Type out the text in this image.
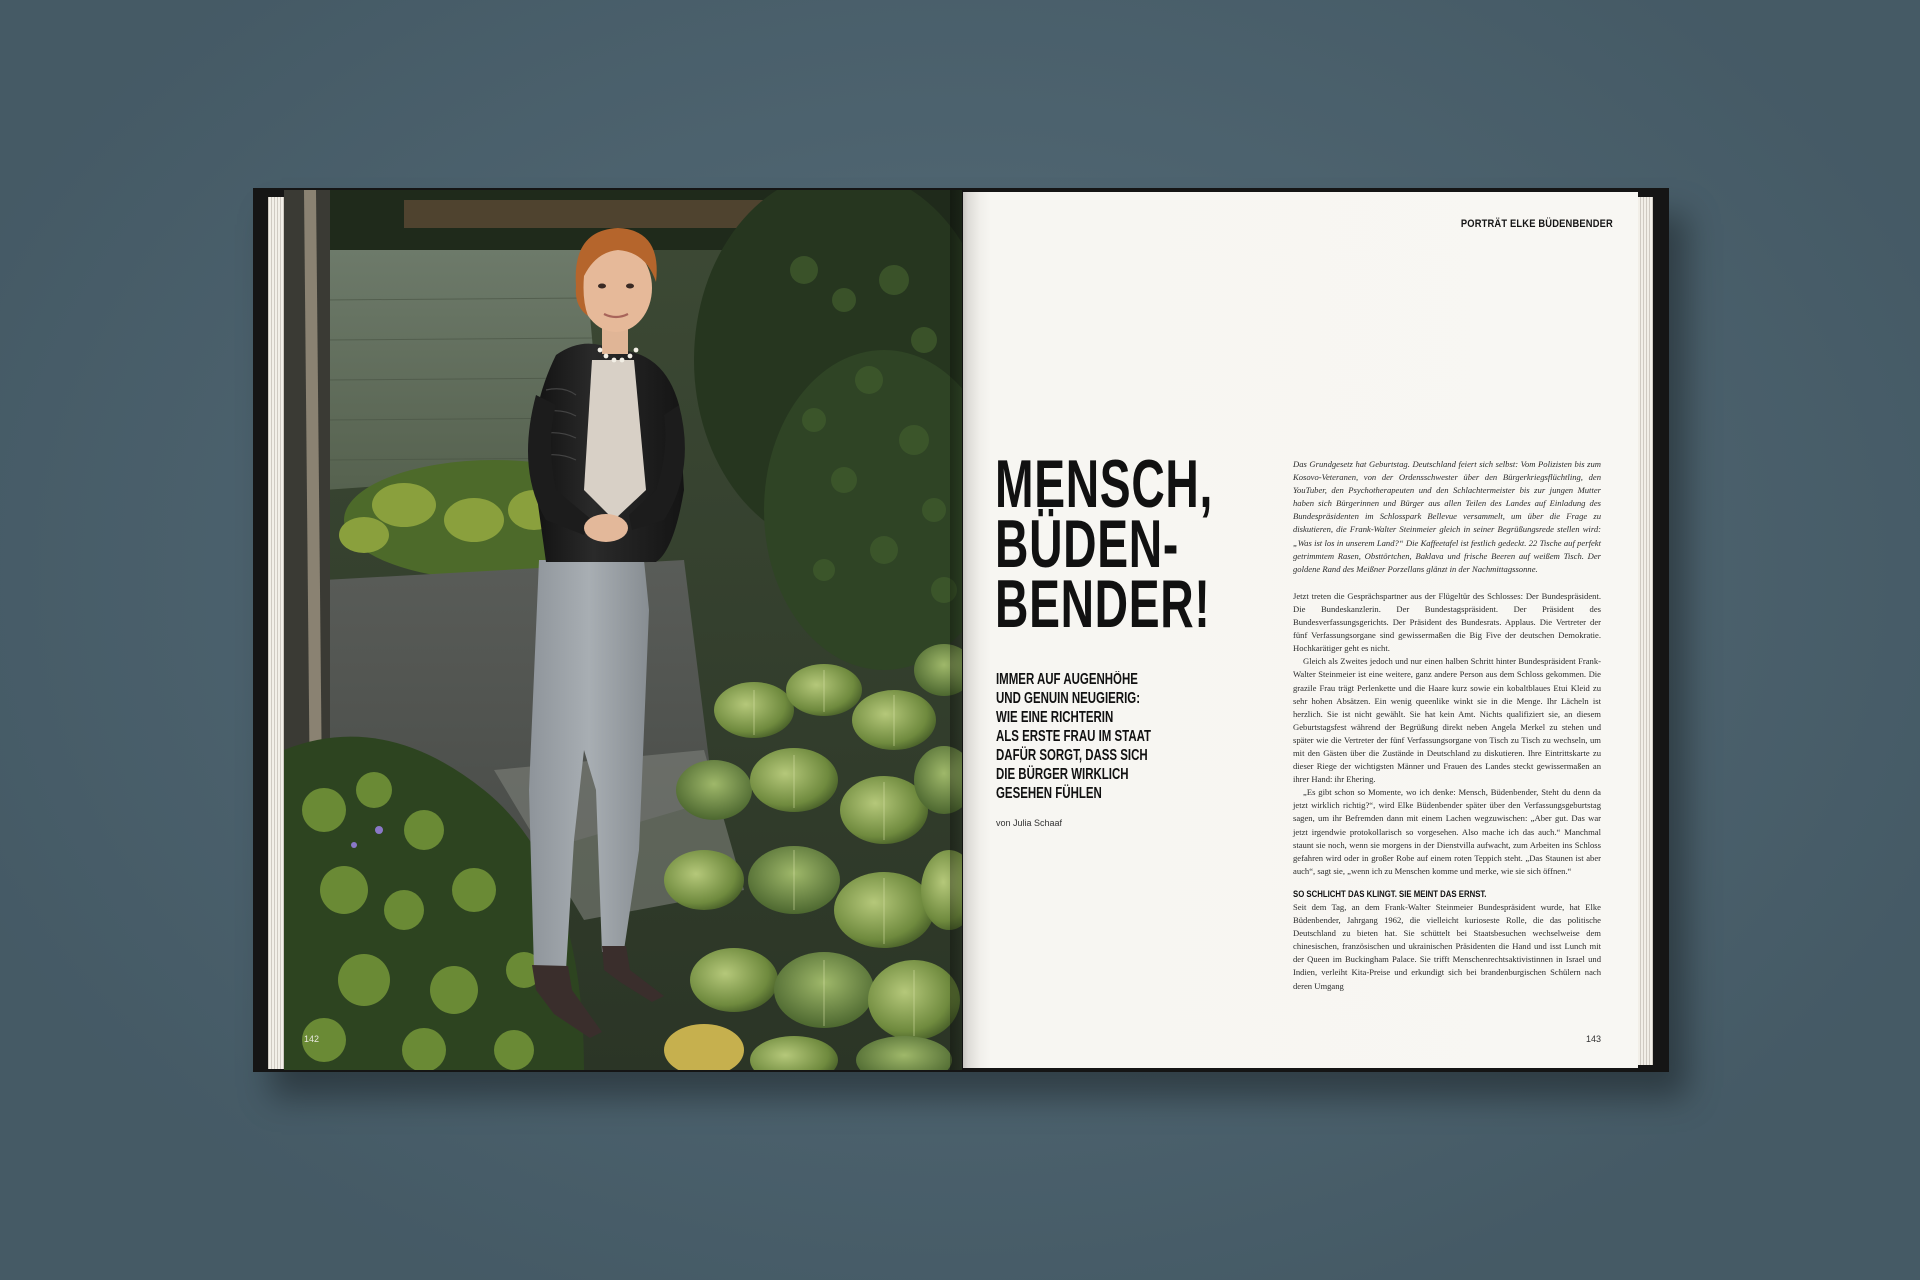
142
PORTRÄT ELKE BÜDENBENDER
MENSCH,
BÜDEN-
BENDER!
IMMER AUF AUGENHÖHE
UND GENUIN NEUGIERIG:
WIE EINE RICHTERIN
ALS ERSTE FRAU IM STAAT
DAFÜR SORGT, DASS SICH
DIE BÜRGER WIRKLICH
GESEHEN FÜHLEN
von Julia Schaaf

Das Grundgesetz hat Geburtstag. Deutschland feiert sich selbst: Vom Polizisten bis zum Kosovo-Veteranen, von der Ordensschwester über den Bürgerkriegsflüchtling, den YouTuber, den Psychotherapeuten und den Schlachtermeister bis zur jungen Mutter haben sich Bürgerinnen und Bürger aus allen Teilen des Landes auf Einladung des Bundespräsidenten im Schlosspark Bellevue versammelt, um über die Frage zu diskutieren, die Frank-Walter Steinmeier gleich in seiner Begrüßungsrede stellen wird: „Was ist los in unserem Land?“ Die Kaffeetafel ist festlich gedeckt. 22 Tische auf perfekt getrimmtem Rasen, Obsttörtchen, Baklava und frische Beeren auf weißem Tisch. Der goldene Rand des Meißner Porzellans glänzt in der Nachmittagssonne.

Jetzt treten die Gesprächspartner aus der Flügeltür des Schlosses: Der Bundespräsident. Die Bundeskanzlerin. Der Bundestagspräsident. Der Präsident des Bundesverfassungsgerichts. Der Präsident des Bundesrats. Applaus. Die Vertreter der fünf Verfassungsorgane sind gewissermaßen die Big Five der deutschen Demokratie. Hochkarätiger geht es nicht.

Gleich als Zweites jedoch und nur einen halben Schritt hinter Bundespräsident Frank-Walter Steinmeier ist eine weitere, ganz andere Person aus dem Schloss gekommen. Die grazile Frau trägt Perlenkette und die Haare kurz sowie ein kobaltblaues Etui Kleid zu sehr hohen Absätzen. Ein wenig queenlike winkt sie in die Menge. Ihr Lächeln ist herzlich. Sie ist nicht gewählt. Sie hat kein Amt. Nichts qualifiziert sie, an diesem Geburtstagsfest während der Begrüßung direkt neben Angela Merkel zu stehen und später wie die Vertreter der fünf Verfassungsorgane von Tisch zu Tisch zu wechseln, um mit den Gästen über die Zustände in Deutschland zu diskutieren. Ihre Eintrittskarte zu dieser Riege der wichtigsten Männer und Frauen des Landes steckt gewissermaßen an ihrer Hand: ihr Ehering.

„Es gibt schon so Momente, wo ich denke: Mensch, Büdenbender, Steht du denn da jetzt wirklich richtig?“, wird Elke Büdenbender später über den Verfassungsgeburtstag sagen, um ihr Befremden dann mit einem Lachen wegzuwischen: „Aber gut. Das war jetzt irgendwie protokollarisch so vorgesehen. Also mache ich das auch.“ Manchmal staunt sie noch, wenn sie morgens in der Dienstvilla aufwacht, zum Arbeiten ins Schloss gefahren wird oder in großer Robe auf einem roten Teppich steht. „Das Staunen ist aber auch“, sagt sie, „wenn ich zu Menschen komme und merke, wie sie sich öffnen.“

SO SCHLICHT DAS KLINGT. SIE MEINT DAS ERNST.

Seit dem Tag, an dem Frank-Walter Steinmeier Bundespräsident wurde, hat Elke Büdenbender, Jahrgang 1962, die vielleicht kurioseste Rolle, die das politische Deutschland zu bieten hat. Sie schüttelt bei Staatsbesuchen wechselweise dem chinesischen, französischen und ukrainischen Präsidenten die Hand und isst Lunch mit der Queen im Buckingham Palace. Sie trifft Menschenrechtsaktivistinnen in Israel und Indien, verleiht Kita-Preise und erkundigt sich bei brandenburgischen Schülern nach deren Umgang

143
